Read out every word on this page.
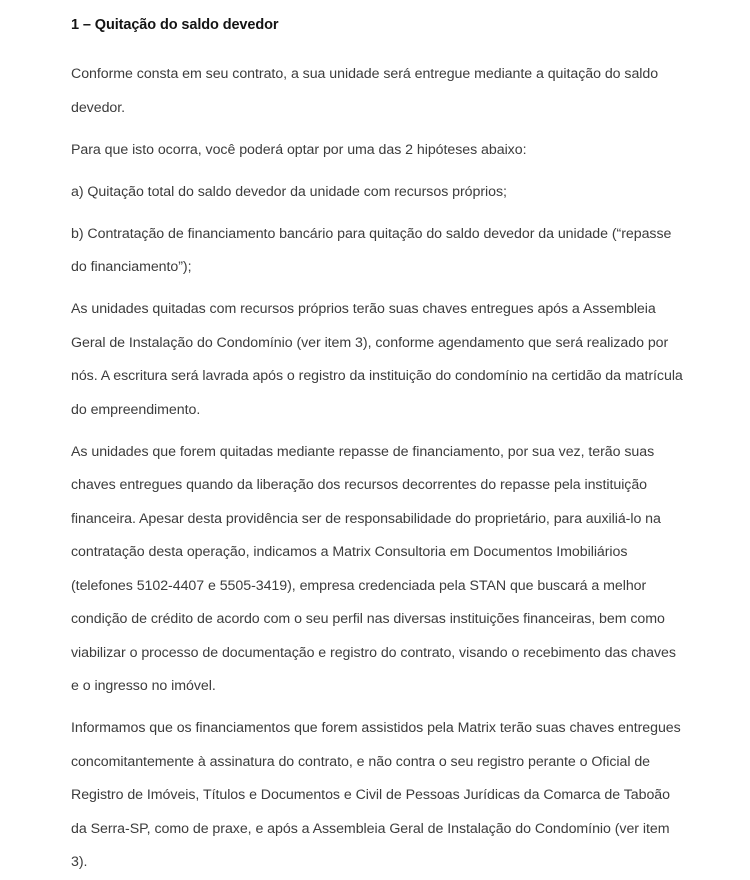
1 – Quitação do saldo devedor

Conforme consta em seu contrato, a sua unidade será entregue mediante a quitação do saldo devedor.

Para que isto ocorra, você poderá optar por uma das 2 hipóteses abaixo:

a) Quitação total do saldo devedor da unidade com recursos próprios;

b) Contratação de financiamento bancário para quitação do saldo devedor da unidade (“repasse do financiamento”);

As unidades quitadas com recursos próprios terão suas chaves entregues após a Assembleia Geral de Instalação do Condomínio (ver item 3), conforme agendamento que será realizado por nós. A escritura será lavrada após o registro da instituição do condomínio na certidão da matrícula do empreendimento.

As unidades que forem quitadas mediante repasse de financiamento, por sua vez, terão suas chaves entregues quando da liberação dos recursos decorrentes do repasse pela instituição financeira. Apesar desta providência ser de responsabilidade do proprietário, para auxiliá-lo na contratação desta operação, indicamos a Matrix Consultoria em Documentos Imobiliários (telefones 5102-4407 e 5505-3419), empresa credenciada pela STAN que buscará a melhor condição de crédito de acordo com o seu perfil nas diversas instituições financeiras, bem como viabilizar o processo de documentação e registro do contrato, visando o recebimento das chaves e o ingresso no imóvel.

Informamos que os financiamentos que forem assistidos pela Matrix terão suas chaves entregues concomitantemente à assinatura do contrato, e não contra o seu registro perante o Oficial de Registro de Imóveis, Títulos e Documentos e Civil de Pessoas Jurídicas da Comarca de Taboão da Serra-SP, como de praxe, e após a Assembleia Geral de Instalação do Condomínio (ver item 3).
